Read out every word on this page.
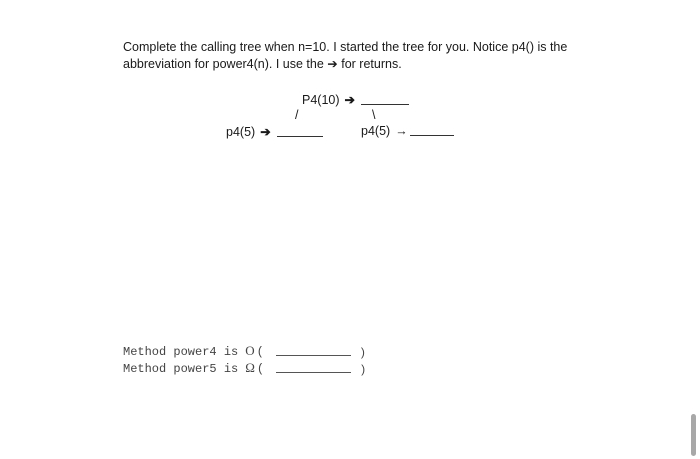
Complete the calling tree when n=10. I started the tree for you. Notice p4() is the

abbreviation for power4(n). I use the ➔ for returns.

P4(10) ➔
/	\
p4(5) ➔	p4(5) →
Method power4 is O (	)
Method power5 is Ω (	)
